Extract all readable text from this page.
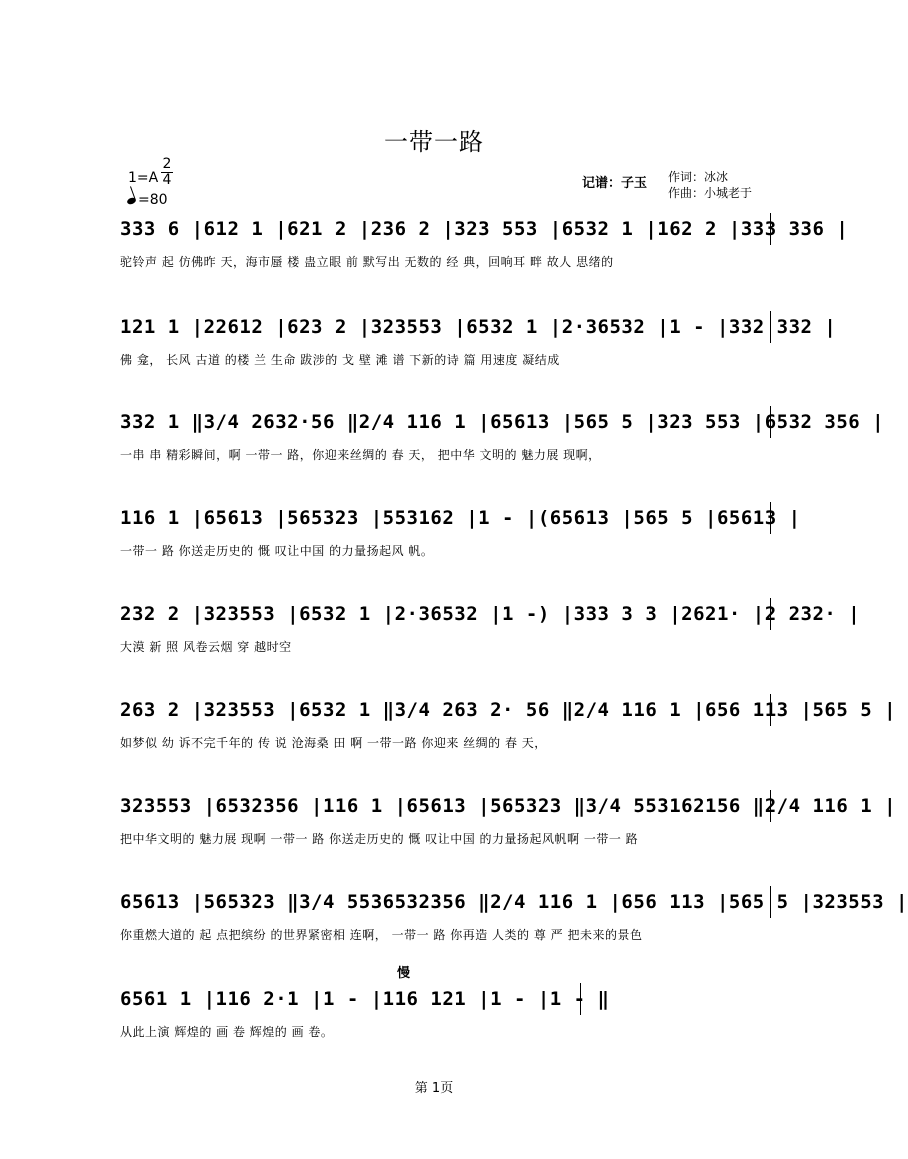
一带一路
1=A
2
4
=80
记谱：子玉 作词：冰冰
作曲：小城老于
333 6 |612 1 |621 2 |236 2 |323 553 |6532 1 |162 2 |333 336 |
驼铃声 起 仿佛昨 天，海市蜃 楼 蛊立眼 前 默写出 无数的 经 典，回响耳 畔 故人 思绪的
121 1 |22612 |623 2 |323553 |6532 1 |2·36532 |1 - |332 332 |
佛 龛， 长风 古道 的楼 兰 生命 跋涉的 戈 壁 滩 谱 下新的诗 篇 用速度 凝结成
332 1 ‖3/4 2632·56 ‖2/4 116 1 |65613 |565 5 |323 553 |6532 356 |
一串 串 精彩瞬间，啊 一带一 路，你迎来丝绸的 春 天， 把中华 文明的 魅力展 现啊，
116 1 |65613 |565323 |553162 |1 - |(65613 |565 5 |65613 |
一带一 路 你送走历史的 慨 叹让中国 的力量扬起风 帆。
232 2 |323553 |6532 1 |2·36532 |1 -) |333 3 3 |2621· |2 232· |
大漠 新 照 风卷云烟 穿 越时空
263 2 |323553 |6532 1 ‖3/4 263 2· 56 ‖2/4 116 1 |656 113 |565 5 |
如梦似 幼 诉不完千年的 传 说 沧海桑 田 啊 一带一路 你迎来 丝绸的 春 天，
323553 |6532356 |116 1 |65613 |565323 ‖3/4 553162156 ‖2/4 116 1 |
把中华文明的 魅力展 现啊 一带一 路 你送走历史的 慨 叹让中国 的力量扬起风帆啊 一带一 路
65613 |565323 ‖3/4 5536532356 ‖2/4 116 1 |656 113 |565 5 |323553 |
你重燃大道的 起 点把缤纷 的世界紧密相 连啊， 一带一 路 你再造 人类的 尊 严 把未来的景色
慢
6561 1 |116 2·1 |1 - |116 121 |1 - |1 - ‖
从此上演 辉煌的 画 卷 辉煌的 画 卷。
第 1页
